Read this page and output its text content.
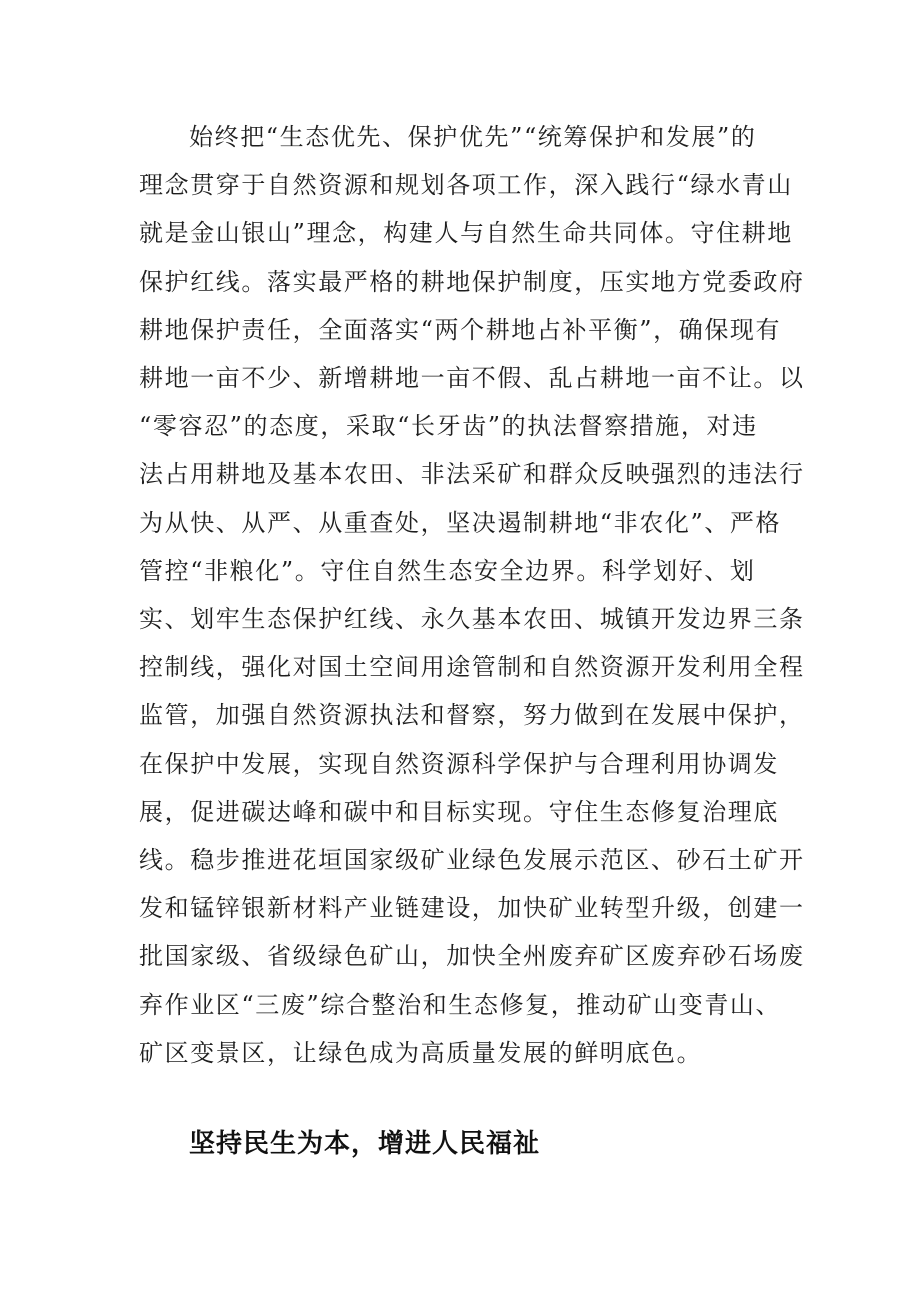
始终把“生态优先、保护优先”“统筹保护和发展”的
理念贯穿于自然资源和规划各项工作，深入践行“绿水青山
就是金山银山”理念，构建人与自然生命共同体。守住耕地
保护红线。落实最严格的耕地保护制度，压实地方党委政府
耕地保护责任，全面落实“两个耕地占补平衡”，确保现有
耕地一亩不少、新增耕地一亩不假、乱占耕地一亩不让。以
“零容忍”的态度，采取“长牙齿”的执法督察措施，对违
法占用耕地及基本农田、非法采矿和群众反映强烈的违法行
为从快、从严、从重查处，坚决遏制耕地“非农化”、严格
管控“非粮化”。守住自然生态安全边界。科学划好、划
实、划牢生态保护红线、永久基本农田、城镇开发边界三条
控制线，强化对国土空间用途管制和自然资源开发利用全程
监管，加强自然资源执法和督察，努力做到在发展中保护，
在保护中发展，实现自然资源科学保护与合理利用协调发
展，促进碳达峰和碳中和目标实现。守住生态修复治理底
线。稳步推进花垣国家级矿业绿色发展示范区、砂石土矿开
发和锰锌银新材料产业链建设，加快矿业转型升级，创建一
批国家级、省级绿色矿山，加快全州废弃矿区废弃砂石场废
弃作业区“三废”综合整治和生态修复，推动矿山变青山、
矿区变景区，让绿色成为高质量发展的鲜明底色。

坚持民生为本，增进人民福祉
